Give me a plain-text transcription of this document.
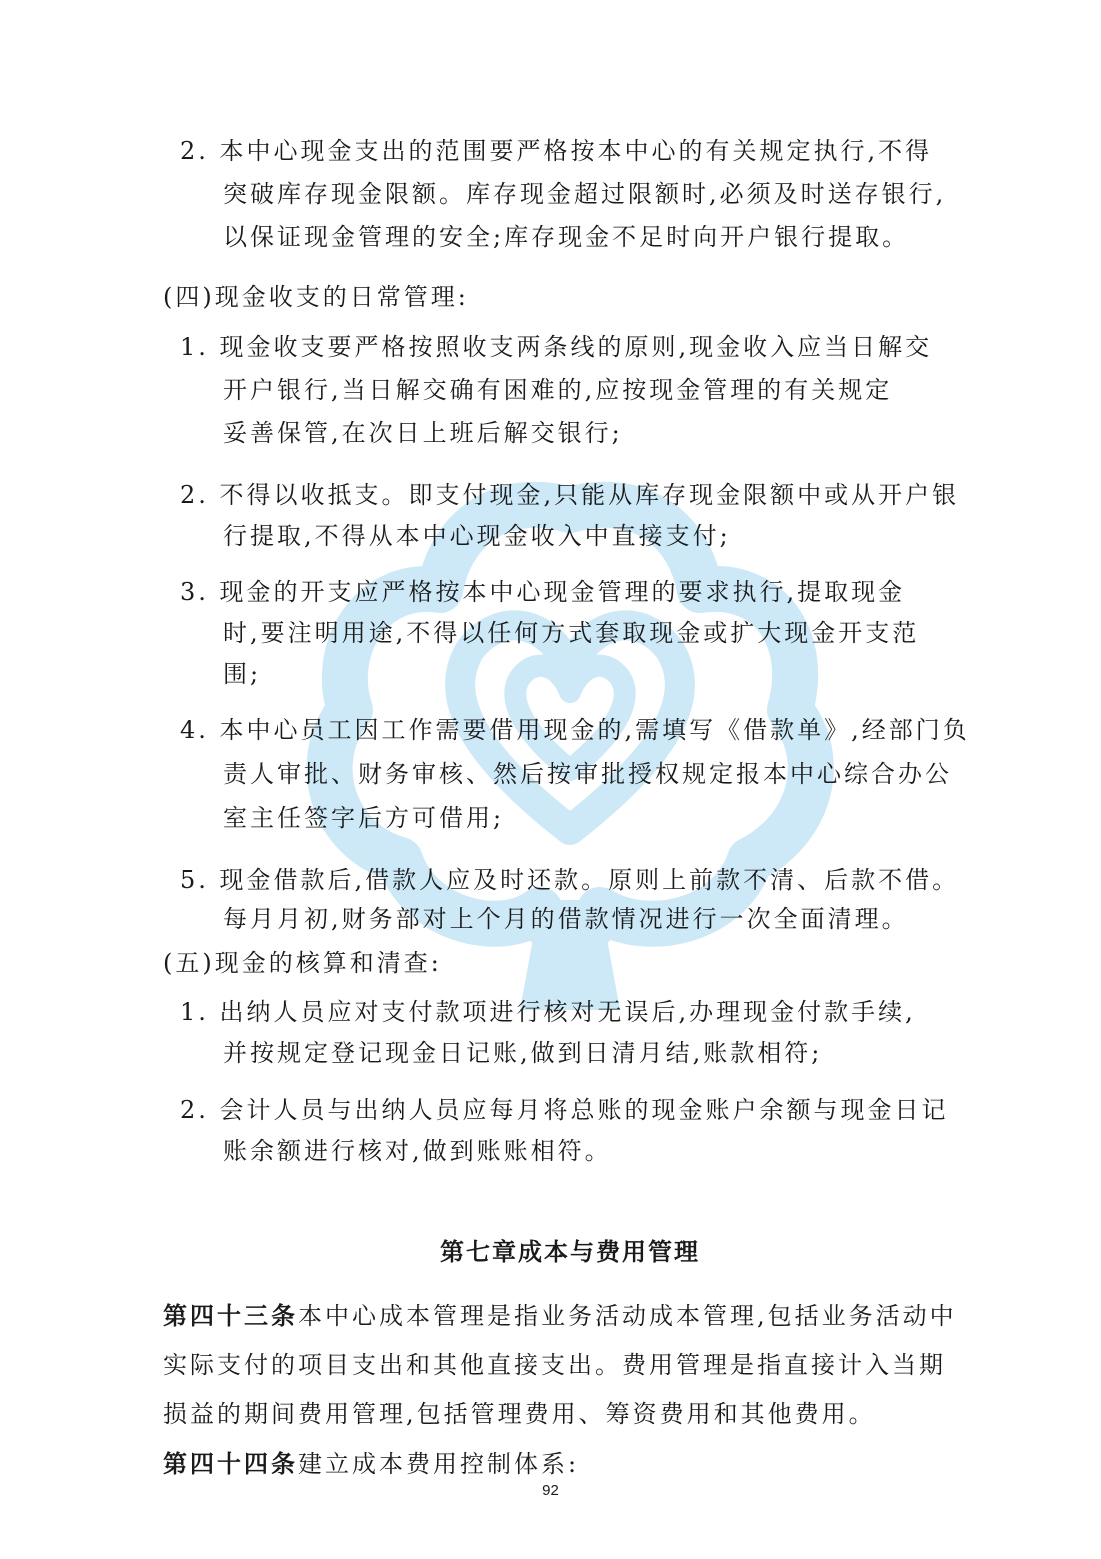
2. 本中心现金支出的范围要严格按本中心的有关规定执行,不得
突破库存现金限额。库存现金超过限额时,必须及时送存银行,
以保证现金管理的安全;库存现金不足时向开户银行提取。
(四)现金收支的日常管理:
1. 现金收支要严格按照收支两条线的原则,现金收入应当日解交
开户银行,当日解交确有困难的,应按现金管理的有关规定
妥善保管,在次日上班后解交银行;
2. 不得以收抵支。即支付现金,只能从库存现金限额中或从开户银
行提取,不得从本中心现金收入中直接支付;
3. 现金的开支应严格按本中心现金管理的要求执行,提取现金
时,要注明用途,不得以任何方式套取现金或扩大现金开支范
围;
4. 本中心员工因工作需要借用现金的,需填写《借款单》,经部门负
责人审批、财务审核、然后按审批授权规定报本中心综合办公
室主任签字后方可借用;
5. 现金借款后,借款人应及时还款。原则上前款不清、后款不借。
每月月初,财务部对上个月的借款情况进行一次全面清理。
(五)现金的核算和清查:
1. 出纳人员应对支付款项进行核对无误后,办理现金付款手续,
并按规定登记现金日记账,做到日清月结,账款相符;
2. 会计人员与出纳人员应每月将总账的现金账户余额与现金日记
账余额进行核对,做到账账相符。
第七章成本与费用管理
第四十三条本中心成本管理是指业务活动成本管理,包括业务活动中
实际支付的项目支出和其他直接支出。费用管理是指直接计入当期
损益的期间费用管理,包括管理费用、筹资费用和其他费用。
第四十四条建立成本费用控制体系:
92
